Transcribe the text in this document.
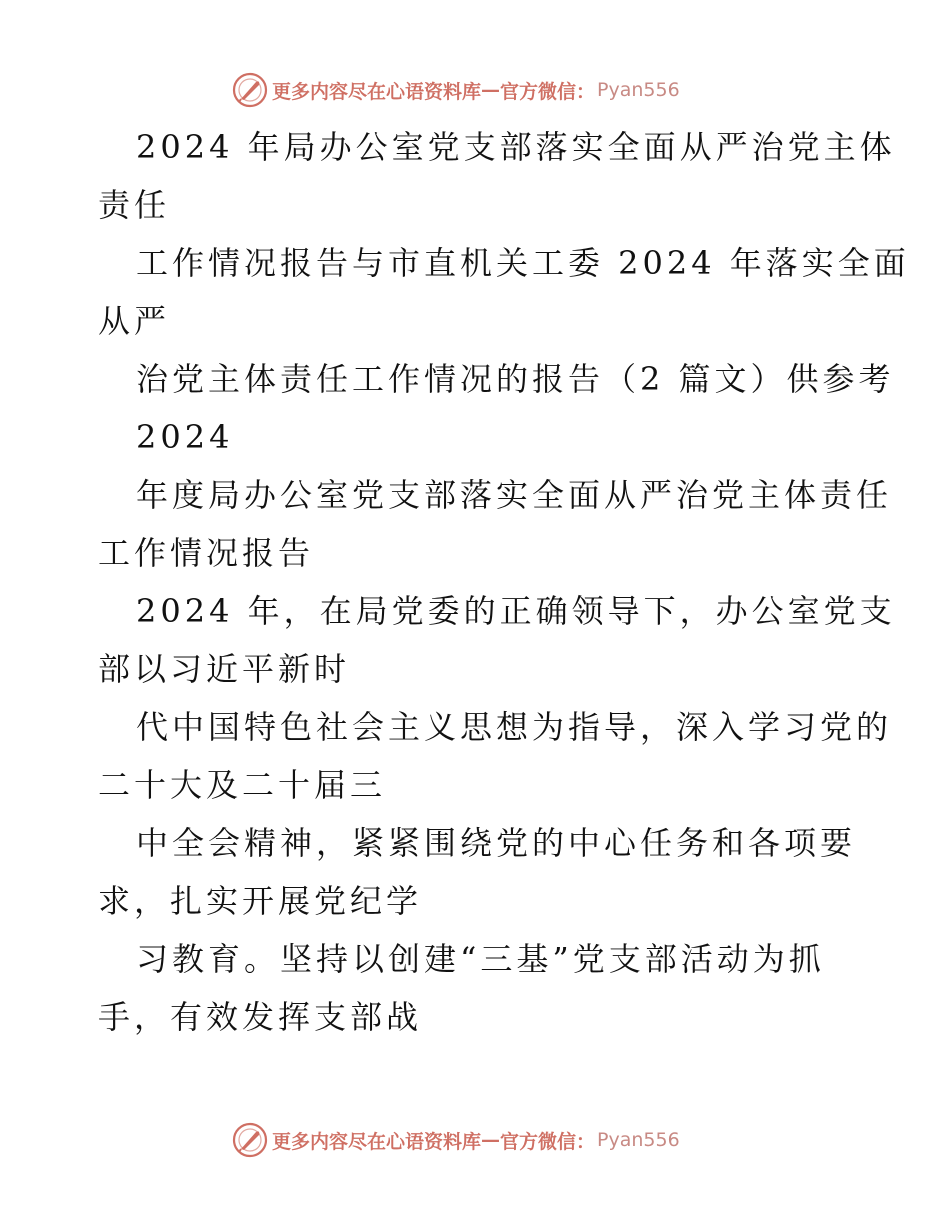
更多内容尽在心语资料库 — 官方微信： Pyan556
2024 年局办公室党支部落实全面从严治党主体
责任
工作情况报告与市直机关工委 2024 年落实全面
从严
治党主体责任工作情况的报告（2 篇文）供参考
2024
年度局办公室党支部落实全面从严治党主体责任
工作情况报告
2024 年，在局党委的正确领导下，办公室党支
部以习近平新时
代中国特色社会主义思想为指导，深入学习党的
二十大及二十届三
中全会精神，紧紧围绕党的中心任务和各项要
求，扎实开展党纪学
习教育。坚持以创建“三基”党支部活动为抓
手，有效发挥支部战
更多内容尽在心语资料库 — 官方微信： Pyan556
